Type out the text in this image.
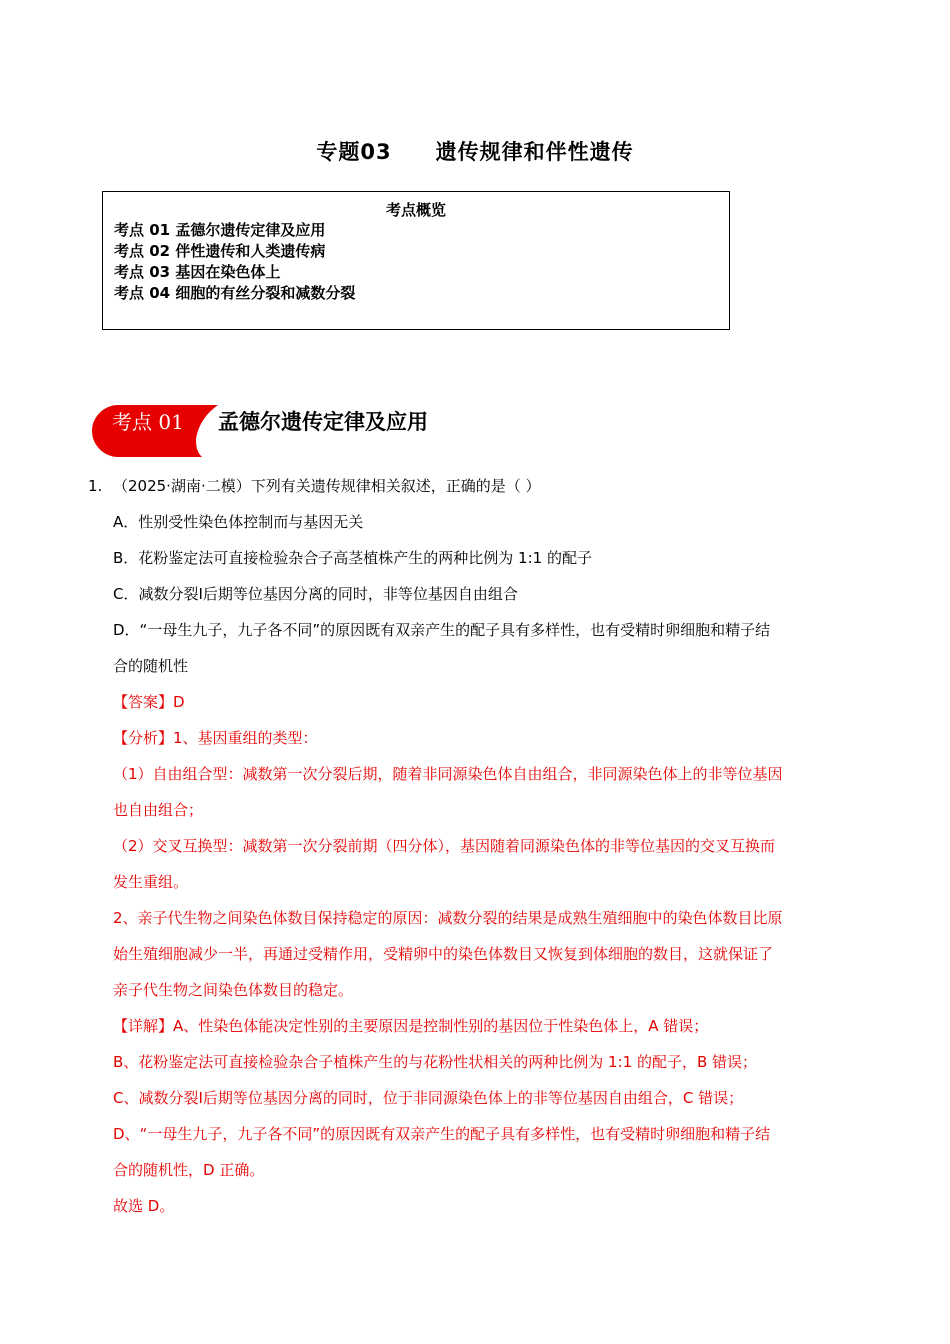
专题03 遗传规律和伴性遗传
考点概览
考点 01 孟德尔遗传定律及应用
考点 02 伴性遗传和人类遗传病
考点 03 基因在染色体上
考点 04 细胞的有丝分裂和减数分裂
考点 01 孟德尔遗传定律及应用
1. （2025·湖南·二模）下列有关遗传规律相关叙述，正确的是（ ）
A．性别受性染色体控制而与基因无关
B．花粉鉴定法可直接检验杂合子高茎植株产生的两种比例为 1:1 的配子
C．减数分裂Ⅰ后期等位基因分离的同时，非等位基因自由组合
D．“一母生九子，九子各不同”的原因既有双亲产生的配子具有多样性，也有受精时卵细胞和精子结
合的随机性
【答案】D
【分析】1、基因重组的类型：
（1）自由组合型：减数第一次分裂后期，随着非同源染色体自由组合，非同源染色体上的非等位基因
也自由组合；
（2）交叉互换型：减数第一次分裂前期（四分体），基因随着同源染色体的非等位基因的交叉互换而
发生重组。
2、亲子代生物之间染色体数目保持稳定的原因：减数分裂的结果是成熟生殖细胞中的染色体数目比原
始生殖细胞减少一半，再通过受精作用，受精卵中的染色体数目又恢复到体细胞的数目，这就保证了
亲子代生物之间染色体数目的稳定。
【详解】A、性染色体能决定性别的主要原因是控制性别的基因位于性染色体上，A 错误；
B、花粉鉴定法可直接检验杂合子植株产生的与花粉性状相关的两种比例为 1:1 的配子，B 错误；
C、减数分裂Ⅰ后期等位基因分离的同时，位于非同源染色体上的非等位基因自由组合，C 错误；
D、“一母生九子，九子各不同”的原因既有双亲产生的配子具有多样性，也有受精时卵细胞和精子结
合的随机性，D 正确。
故选 D。
